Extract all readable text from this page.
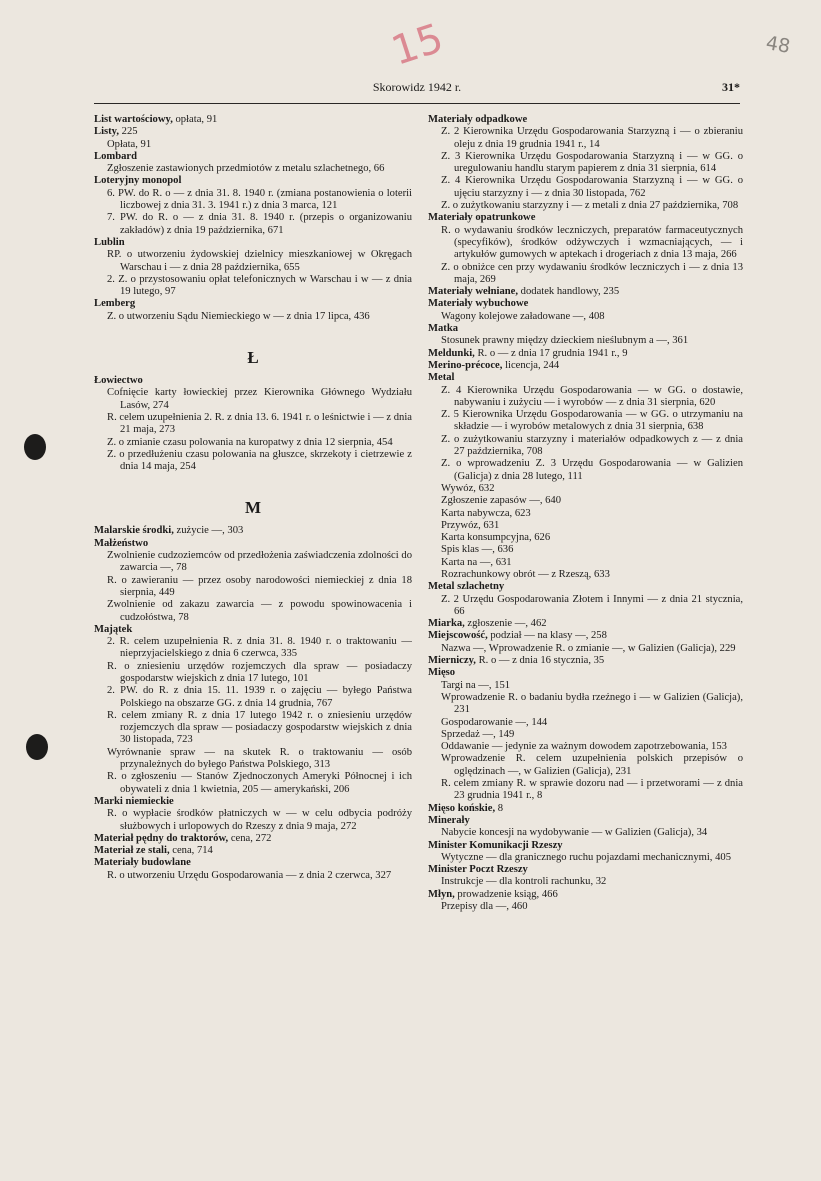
15	48
Skorowidz 1942 r.	31*

List wartościowy, opłata, 91

Listy, 225

Opłata, 91

Lombard

Zgłoszenie zastawionych przedmiotów z metalu szlachetnego, 66

Loteryjny monopol

6. PW. do R. o — z dnia 31. 8. 1940 r. (zmiana postanowienia o loterii liczbowej z dnia 31. 3. 1941 r.) z dnia 3 marca, 121

7. PW. do R. o — z dnia 31. 8. 1940 r. (przepis o organizowaniu zakładów) z dnia 19 października, 671

Lublin

RP. o utworzeniu żydowskiej dzielnicy mieszkaniowej w Okręgach Warschau i — z dnia 28 października, 655

2. Z. o przystosowaniu opłat telefonicznych w Warschau i w — z dnia 19 lutego, 97

Lemberg

Z. o utworzeniu Sądu Niemieckiego w — z dnia 17 lipca, 436

Ł

Łowiectwo

Cofnięcie karty łowieckiej przez Kierownika Głównego Wydziału Lasów, 274

R. celem uzupełnienia 2. R. z dnia 13. 6. 1941 r. o leśnictwie i — z dnia 21 maja, 273

Z. o zmianie czasu polowania na kuropatwy z dnia 12 sierpnia, 454

Z. o przedłużeniu czasu polowania na głuszce, skrzekoty i cietrzewie z dnia 14 maja, 254

M

Malarskie środki, zużycie —, 303

Małżeństwo

Zwolnienie cudzoziemców od przedłożenia zaświadczenia zdolności do zawarcia —, 78

R. o zawieraniu — przez osoby narodowości niemieckiej z dnia 18 sierpnia, 449

Zwolnienie od zakazu zawarcia — z powodu spowinowacenia i cudzołóstwa, 78

Majątek

2. R. celem uzupełnienia R. z dnia 31. 8. 1940 r. o traktowaniu — nieprzyjacielskiego z dnia 6 czerwca, 335

R. o zniesieniu urzędów rozjemczych dla spraw — posiadaczy gospodarstw wiejskich z dnia 17 lutego, 101

2. PW. do R. z dnia 15. 11. 1939 r. o zajęciu — byłego Państwa Polskiego na obszarze GG. z dnia 14 grudnia, 767

R. celem zmiany R. z dnia 17 lutego 1942 r. o zniesieniu urzędów rozjemczych dla spraw — posiadaczy gospodarstw wiejskich z dnia 30 listopada, 723

Wyrównanie spraw — na skutek R. o traktowaniu — osób przynależnych do byłego Państwa Polskiego, 313

R. o zgłoszeniu — Stanów Zjednoczonych Ameryki Północnej i ich obywateli z dnia 1 kwietnia, 205 — amerykański, 206

Marki niemieckie

R. o wypłacie środków płatniczych w — w celu odbycia podróży służbowych i urlopowych do Rzeszy z dnia 9 maja, 272

Materiał pędny do traktorów, cena, 272

Materiał ze stali, cena, 714

Materiały budowlane

R. o utworzeniu Urzędu Gospodarowania — z dnia 2 czerwca, 327

Materiały odpadkowe

Z. 2 Kierownika Urzędu Gospodarowania Starzyzną i — o zbieraniu oleju z dnia 19 grudnia 1941 r., 14

Z. 3 Kierownika Urzędu Gospodarowania Starzyzną i — w GG. o uregulowaniu handlu starym papierem z dnia 31 sierpnia, 614

Z. 4 Kierownika Urzędu Gospodarowania Starzyzną i — w GG. o ujęciu starzyzny i — z dnia 30 listopada, 762

Z. o zużytkowaniu starzyzny i — z metali z dnia 27 października, 708

Materiały opatrunkowe

R. o wydawaniu środków leczniczych, preparatów farmaceutycznych (specyfików), środków odżywczych i wzmacniających, — i artykułów gumowych w aptekach i drogeriach z dnia 13 maja, 266

Z. o obniżce cen przy wydawaniu środków leczniczych i — z dnia 13 maja, 269

Materiały wełniane, dodatek handlowy, 235

Materiały wybuchowe

Wagony kolejowe załadowane —, 408

Matka

Stosunek prawny między dzieckiem nieślubnym a —, 361

Meldunki, R. o — z dnia 17 grudnia 1941 r., 9

Merino-précoce, licencja, 244

Metal

Z. 4 Kierownika Urzędu Gospodarowania — w GG. o dostawie, nabywaniu i zużyciu — i wyrobów — z dnia 31 sierpnia, 620

Z. 5 Kierownika Urzędu Gospodarowania — w GG. o utrzymaniu na składzie — i wyrobów metalowych z dnia 31 sierpnia, 638

Z. o zużytkowaniu starzyzny i materiałów odpadkowych z — z dnia 27 października, 708

Z. o wprowadzeniu Z. 3 Urzędu Gospodarowania — w Galizien (Galicja) z dnia 28 lutego, 111

Wywóz, 632

Zgłoszenie zapasów —, 640

Karta nabywcza, 623

Przywóz, 631

Karta konsumpcyjna, 626

Spis klas —, 636

Karta na —, 631

Rozrachunkowy obrót — z Rzeszą, 633

Metal szlachetny

Z. 2 Urzędu Gospodarowania Złotem i Innymi — z dnia 21 stycznia, 66

Miarka, zgłoszenie —, 462

Miejscowość, podział — na klasy —, 258

Nazwa —, Wprowadzenie R. o zmianie —, w Galizien (Galicja), 229

Mierniczy, R. o — z dnia 16 stycznia, 35

Mięso

Targi na —, 151

Wprowadzenie R. o badaniu bydła rzeźnego i — w Galizien (Galicja), 231

Gospodarowanie —, 144

Sprzedaż —, 149

Oddawanie — jedynie za ważnym dowodem zapotrzebowania, 153

Wprowadzenie R. celem uzupełnienia polskich przepisów o oględzinach —, w Galizien (Galicja), 231

R. celem zmiany R. w sprawie dozoru nad — i przetworami — z dnia 23 grudnia 1941 r., 8

Mięso końskie, 8

Minerały

Nabycie koncesji na wydobywanie — w Galizien (Galicja), 34

Minister Komunikacji Rzeszy

Wytyczne — dla granicznego ruchu pojazdami mechanicznymi, 405

Minister Poczt Rzeszy

Instrukcje — dla kontroli rachunku, 32

Młyn, prowadzenie ksiąg, 466

Przepisy dla —, 460
